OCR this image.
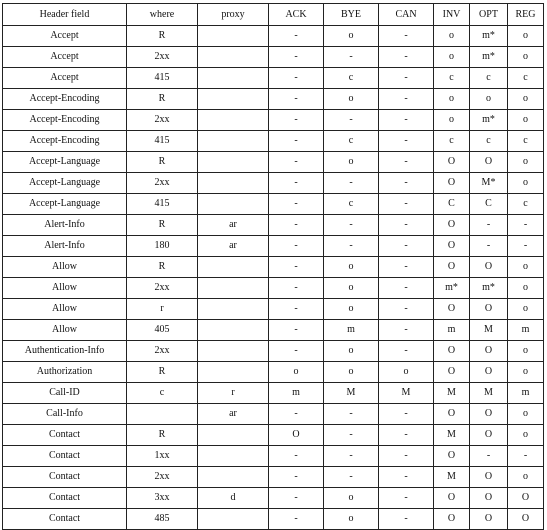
Header field	where	proxy	ACK	BYE	CAN	INV	OPT	REG
Accept	R		-	o	-	o	m*	o
Accept	2xx		-	-	-	o	m*	o
Accept	415		-	c	-	c	c	c
Accept-Encoding	R		-	o	-	o	o	o
Accept-Encoding	2xx		-	-	-	o	m*	o
Accept-Encoding	415		-	c	-	c	c	c
Accept-Language	R		-	o	-	O	O	o
Accept-Language	2xx		-	-	-	O	M*	o
Accept-Language	415		-	c	-	C	C	c
Alert-Info	R	ar	-	-	-	O	-	-
Alert-Info	180	ar	-	-	-	O	-	-
Allow	R		-	o	-	O	O	o
Allow	2xx		-	o	-	m*	m*	o
Allow	r		-	o	-	O	O	o
Allow	405		-	m	-	m	M	m
Authentication-Info	2xx		-	o	-	O	O	o
Authorization	R		o	o	o	O	O	o
Call-ID	c	r	m	M	M	M	M	m
Call-Info		ar	-	-	-	O	O	o
Contact	R		O	-	-	M	O	o
Contact	1xx		-	-	-	O	-	-
Contact	2xx		-	-	-	M	O	o
Contact	3xx	d	-	o	-	O	O	O
Contact	485		-	o	-	O	O	O
